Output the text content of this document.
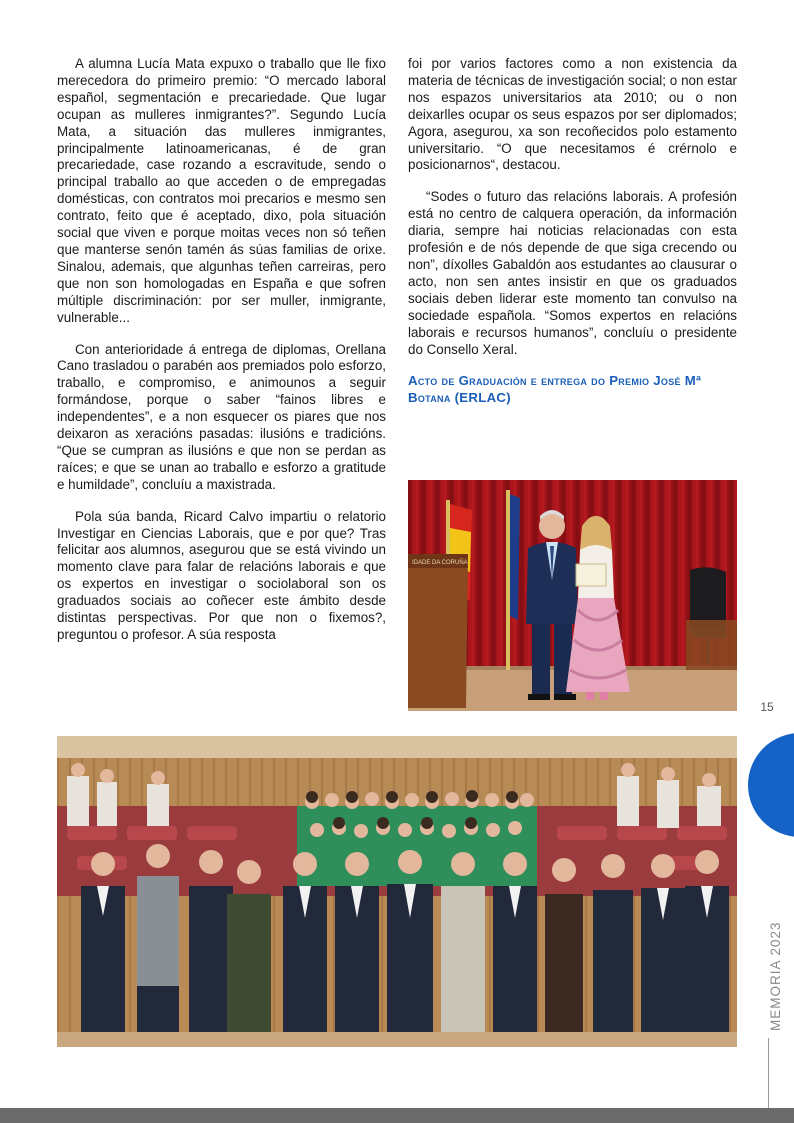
A alumna Lucía Mata expuxo o traballo que lle fixo merecedora do primeiro premio: “O mercado laboral español, segmentación e precariedade. Que lugar ocupan as mulleres inmigrantes?”. Segundo Lucía Mata, a situación das mulleres inmigrantes, principalmente latinoamericanas, é de gran precariedade, case rozando a escravitude, sendo o principal traballo ao que acceden o de empregadas domésticas, con contratos moi precarios e mesmo sen contrato, feito que é aceptado, dixo, pola situación social que viven e porque moitas veces non só teñen que manterse senón tamén ás súas familias de orixe. Sinalou, ademais, que algunhas teñen carreiras, pero que non son homologadas en España e que sofren múltiple discriminación: por ser muller, inmigrante, vulnerable...

Con anterioridade á entrega de diplomas, Orellana Cano trasladou o parabén aos premiados polo esforzo, traballo, e compromiso, e animounos a seguir formándose, porque o saber “fainos libres e independentes”, e a non esquecer os piares que nos deixaron as xeracións pasadas: ilusións e tradicións. “Que se cumpran as ilusións e que non se perdan as raíces; e que se unan ao traballo e esforzo a gratitude e humildade”, concluíu a maxistrada.

Pola súa banda, Ricard Calvo impartiu o relatorio Investigar en Ciencias Laborais, que e por que? Tras felicitar aos alumnos, asegurou que se está vivindo un momento clave para falar de relacións laborais e que os expertos en investigar o sociolaboral son os graduados sociais ao coñecer este ámbito desde distintas perspectivas. Por que non o fixemos?, preguntou o profesor. A súa resposta

foi por varios factores como a non existencia da materia de técnicas de investigación social; o non estar nos espazos universitarios ata 2010; ou o non deixarlles ocupar os seus espazos por ser diplomados; Agora, asegurou, xa son recoñecidos polo estamento universitario. “O que necesitamos é crérnolo e posicionarnos“, destacou.

“Sodes o futuro das relacións laborais. A profesión está no centro de calquera operación, da información diaria, sempre hai noticias relacionadas con esta profesión e de nós depende de que siga crecendo ou non”, díxolles Gabaldón aos estudantes ao clausurar o acto, non sen antes insistir en que os graduados sociais deben liderar este momento tan convulso na sociedade española. “Somos expertos en relacións laborais e recursos humanos”, concluíu o presidente do Consello Xeral.

Acto de Graduación e entrega do Premio José Mª Botana (ERLAC)
IDADE DA CORUÑA
15
MEMORIA 2023
